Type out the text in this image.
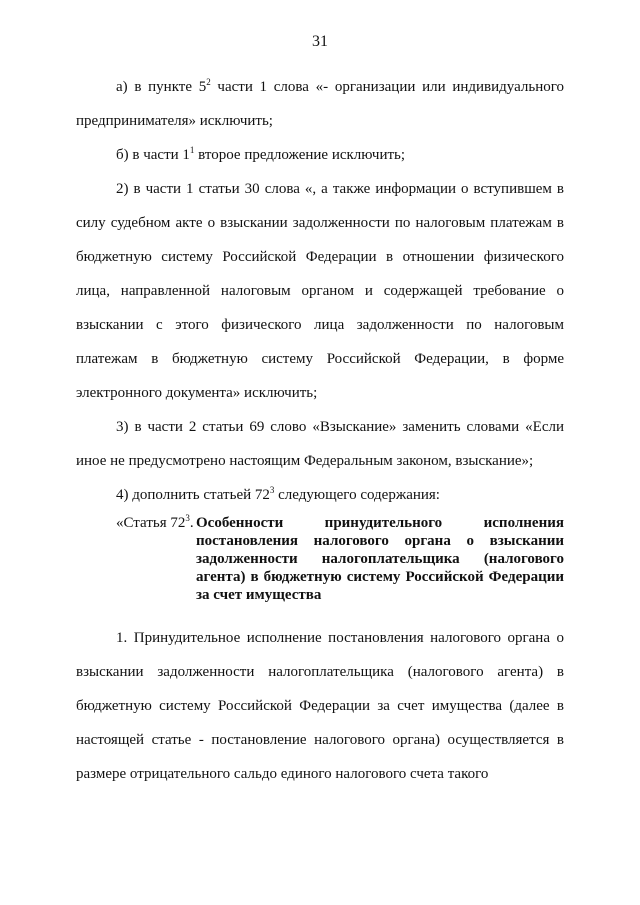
31

а) в пункте $5^2$ части 1 слова «- организации или индивидуального предпринимателя» исключить;

б) в части $1^1$ второе предложение исключить;

2) в части 1 статьи 30 слова «, а также информации о вступившем в силу судебном акте о взыскании задолженности по налоговым платежам в бюджетную систему Российской Федерации в отношении физического лица, направленной налоговым органом и содержащей требование о взыскании с этого физического лица задолженности по налоговым платежам в бюджетную систему Российской Федерации, в форме электронного документа» исключить;

3) в части 2 статьи 69 слово «Взыскание» заменить словами «Если иное не предусмотрено настоящим Федеральным законом, взыскание»;

4) дополнить статьей $72^3$ следующего содержания:

«Статья $72^3$. Особенности принудительного исполнения постановления налогового органа о взыскании задолженности налогоплательщика (налогового агента) в бюджетную систему Российской Федерации за счет имущества

1. Принудительное исполнение постановления налогового органа о взыскании задолженности налогоплательщика (налогового агента) в бюджетную систему Российской Федерации за счет имущества (далее в настоящей статье - постановление налогового органа) осуществляется в размере отрицательного сальдо единого налогового счета такого
